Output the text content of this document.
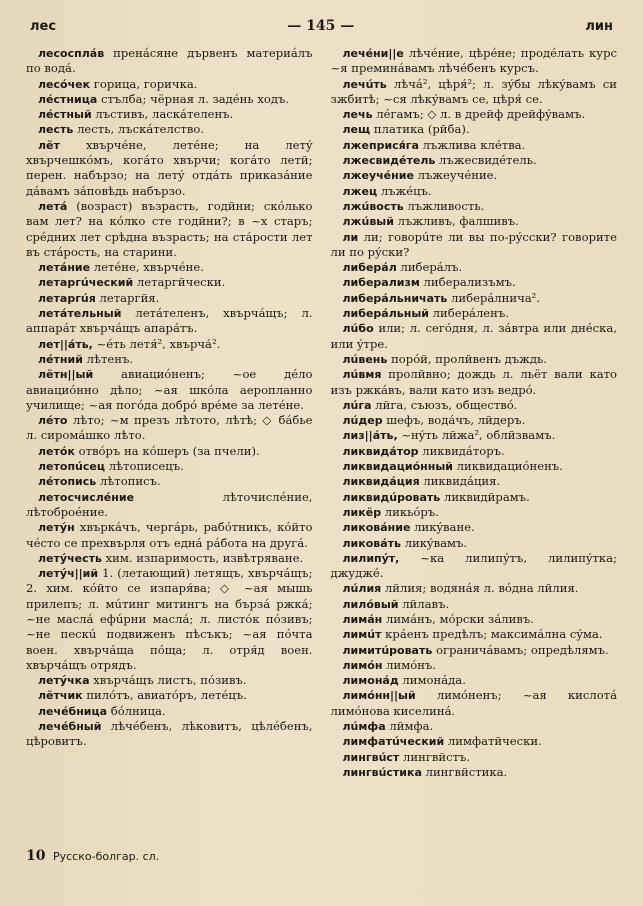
лес	— 145 —	лин

лесосплáв пренáсяне дървенъ материáлъ по водá.

лесóчек горица, горичка.

лéстница стълба; чёрная л. задéнь ходъ.

лéстный лъстивъ, ласкáтеленъ.

лесть лесть, лъскáтелство.

лёт хвърчéне, летéне; на летý хвърчешкóмъ, когáто хвърчи; когáто летй; перен. набързо; на летý отдáть приказáние дáвамъ зáповѣдь набързо.

летá (возраст) възрасть, годйни; скóлько вам лет? на кóлко сте годйни?; в ~х старъ; срéдних лет срѣдна възрасть; на стáрости лет въ стáрость, на старини.

летáние летéне, хвърчéне.

летаргúческий летаргйчески.

летаргúя летаргйя.

летáтельный летáтеленъ, хвърчáщъ; л. аппарáт хвърчáщъ апарáтъ.

лет||áть, ~éть летя́², хвърча́².

лéтний лѣтенъ.

лётн||ый авиациóненъ; ~ое дéло авиациóнно дѣло; ~ая шкóла аеропланно училище; ~ая погóда добрó врéме за летéне.

лéто лѣто; ~м презъ лѣтото, лѣтѣ; ◇ бáбье л. сиромáшко лѣто.

летóк отвóръ на кóшеръ (за пчели).

летопúсец лѣтописецъ.

лéтопись лѣтописъ.

летосчислéние	лѣточислéние, лѣтоброéние.

летýн хвъркáчъ, чергáрь, рабóтникъ, кóйто чéсто се прехвърля отъ еднá рáбота на другá.

летýчесть хим. изпаримость, извѣтряване.

летýч||ий 1. (летающий) летящъ, хвърчáщъ; 2. хим. кóйто се изпаря́ва; ◇ ~ая мышь прилепъ; л. мúтинг митингъ на бързá ржкá; ~не маслá ефúрни маслá; л. листóк пóзивъ; ~не пескú подвиженъ пѣсъкъ; ~ая пóчта воен. хвърчáща пóща; л. отря́д воен. хвърчáщъ отрядъ.

летýчка хвърчáщъ листъ, пóзивъ.

лётчик пилóтъ, авиатóръ, летéцъ.

лечéбница бóлница.

лечéбный лѣчéбенъ, лѣковитъ, цѣлéбенъ, цѣровитъ.

лечéни||е лѣчéние, цѣрéне; продéлать курс ~я преминáвамъ лѣчéбенъ курсъ.

лечúть лѣчá², цѣря́²; л. зýбы лѣкýвамъ си зжбитѣ; ~ся лѣкýвамъ се, цѣря́ се.

лечь лéгамъ; ◇ л. в дрейф дрейфýвамъ.

лещ платика (рйба).

лжеприся́га лъжлива клéтва.

лжесвидéтель лъжесвидéтель.

лжеучéние лъжеучéние.

лжец лъжéцъ.

лжúвость лъжливость.

лжúвый лъжливъ, фалшивъ.

ли ли; говорúте ли вы по-рýсски? говорите ли по рýски?

либерáл либерáлъ.

либерализм либерализъмъ.

либерáльничать либерáлнича².

либерáльный либерáленъ.

лúбо или; л. сегóдня, л. зáвтра или днéска, или ýтре.

лúвень порóй, пролйвенъ дъждь.

лúвмя пролйвно; дождь л. льёт вали като изъ ржкáвъ, вали като изъ ведрó.

лúга лйга, съюзъ, обществó.

лúдер шефъ, водáчъ, лйдеръ.

лиз||áть, ~нýть лйжа², облйзвамъ.

ликвидáтор ликвидáторъ.

ликвидациóнный ликвидациóненъ.

ликвидáция ликвидáция.

ликвидúровать ликвидйрамъ.

ликёр ликьóръ.

ликовáние ликýване.

ликовáть ликýвамъ.

лилипýт, ~ка лилипýтъ, лилипýтка; джуджé.

лúлия лйлия; водянáя л. вóдна лйлия.

лилóвый лйлавъ.

лимáн лимáнъ, мóрски зáливъ.

лимúт крáенъ предѣлъ; максимáлна сýма.

лимитúровать ограничáвамъ; опредѣлямъ.

лимóн лимóнъ.

лимонáд лимонáда.

лимóнн||ый лимóненъ; ~ая кислотá лимóнова киселинá.

лúмфа лймфа.

лимфатúческий лимфатйчески.

лингвúст лингвйстъ.

лингвúстика лингвйстика.

10 Русско-болгар. сл.
